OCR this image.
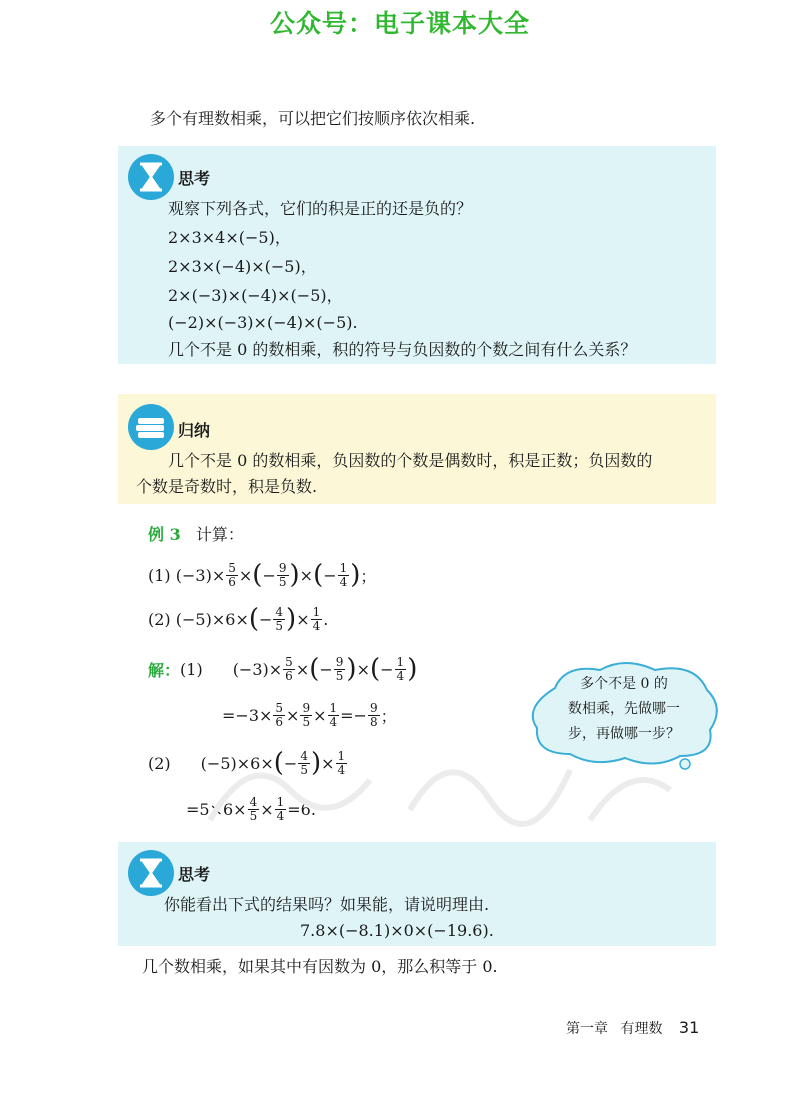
公众号：电子课本大全
多个有理数相乘，可以把它们按顺序依次相乘.
思考
观察下列各式，它们的积是正的还是负的？
2×3×4×(−5)，
2×3×(−4)×(−5)，
2×(−3)×(−4)×(−5)，
(−2)×(−3)×(−4)×(−5).
几个不是 0 的数相乘，积的符号与负因数的个数之间有什么关系？
归纳
几个不是 0 的数相乘，负因数的个数是偶数时，积是正数；负因数的
个数是奇数时，积是负数.
例 3 计算：
(1)
$(-3) \times \frac{5}{6}$ × ( − $\frac{9}{5}$ ) × ( − $\frac{1}{4}$ ) ；
(2)
(−5) × 6 × ( − $\frac{4}{5}$ ) × $\frac{1}{4}$ .
解： (1) $(-3) \times \frac{5}{6}$ × ( − $\frac{9}{5}$ ) × ( − $\frac{1}{4}$ )
$=-3\times \frac{5}{6} \times \frac{9}{5} \times \frac{1}{4} =- \frac{9}{8}$ ；
(2) (−5) × 6 × ( − $\frac{4}{5}$ ) × $\frac{1}{4}$
$=5\times 6\times \frac{4}{5} \times \frac{1}{4} =6$.
多个不是 0 的
数相乘，先做哪一
步，再做哪一步？
思考
你能看出下式的结果吗？如果能，请说明理由.
7.8×(−8.1)×0×(−19.6).
几个数相乘，如果其中有因数为 0，那么积等于 0.
第一章 有理数 31
